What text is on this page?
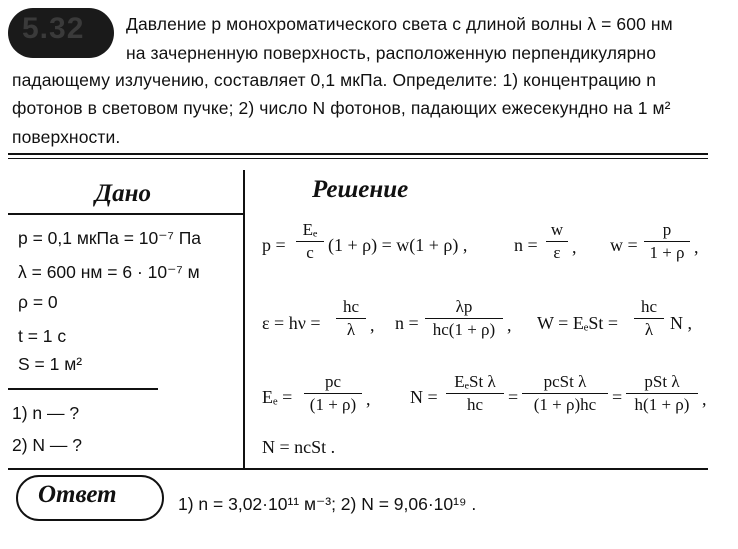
5.32 Давление p монохроматического света с длиной волны λ = 600 нм
на зачерненную поверхность, расположенную перпендикулярно
падающему излучению, составляет 0,1 мкПа. Определите: 1) концентрацию n
фотонов в световом пучке; 2) число N фотонов, падающих ежесекундно на 1 м²
поверхности.
Дано	Решение
p = 0,1 мкПа = 10⁻⁷ Па
λ = 600 нм = 6 · 10⁻⁷ м
ρ = 0
t = 1 с
S = 1 м²
1) n — ?
2) N — ?
$p = \frac{\text{Eₑ}}{c} (1 + \rho) = w(1 + \rho)$ ,	$n = \frac{w}{\varepsilon}$ , $w = \frac{p}{1 + \rho}$ ,
$\varepsilon = h\nu = \frac{hc}{\lambda}$ , $n = \frac{\lambda p}{hc(1 + \rho)}$ , $W = E_eSt = \frac{hc}{\lambda}$ N ,
$E_e = \frac{pc}{(1 + \rho)}$ , N =
EₑSt λ
hc	=
pcSt λ
(1 + ρ)hc =
pSt λ
h(1 + ρ) ,
N = ncSt .
Ответ	1) n = 3,02·10¹¹ м⁻³; 2) N = 9,06·10¹⁹ .
